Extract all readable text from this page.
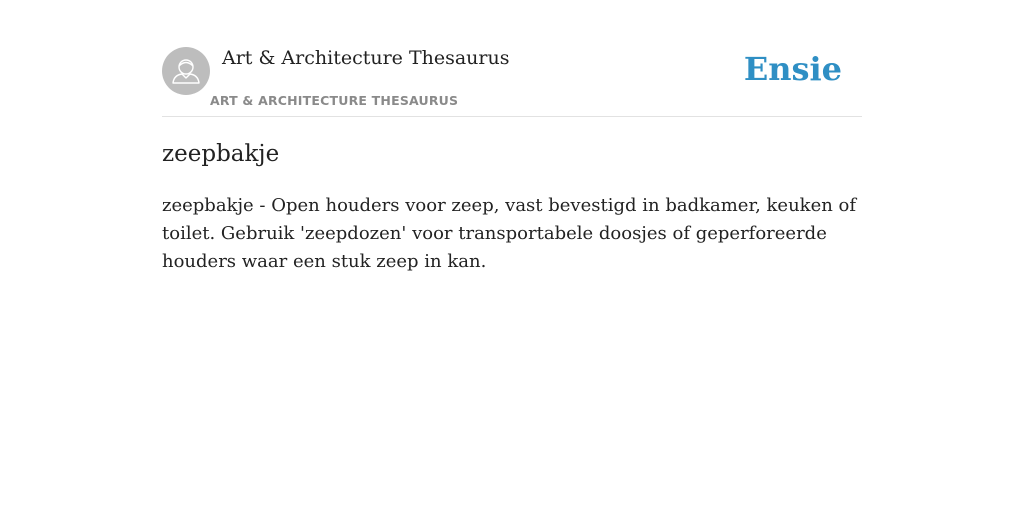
Art & Architecture Thesaurus
ART & ARCHITECTURE THESAURUS
Ensie
zeepbakje

zeepbakje - Open houders voor zeep, vast bevestigd in badkamer, keuken of toilet. Gebruik 'zeepdozen' voor transportabele doosjes of geperforeerde houders waar een stuk zeep in kan.
